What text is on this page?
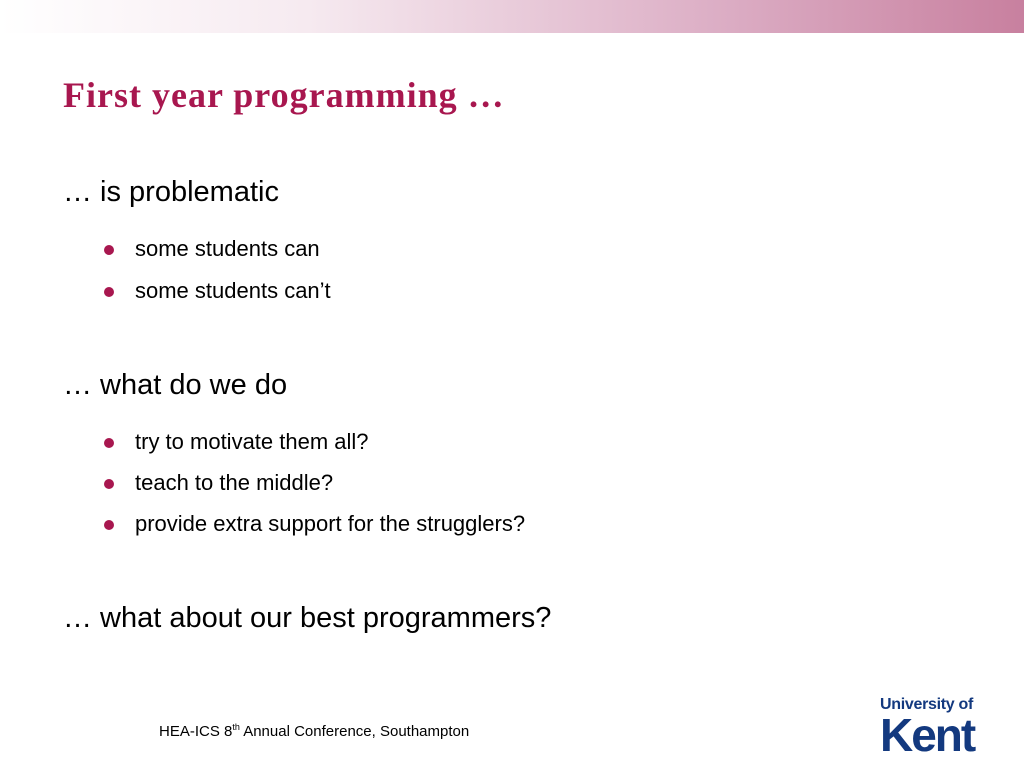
First year programming …
… is problematic
some students can
some students can’t
… what do we do
try to motivate them all?
teach to the middle?
provide extra support for the strugglers?
… what about our best programmers?
HEA-ICS 8th Annual Conference, Southampton
University of
Kent
